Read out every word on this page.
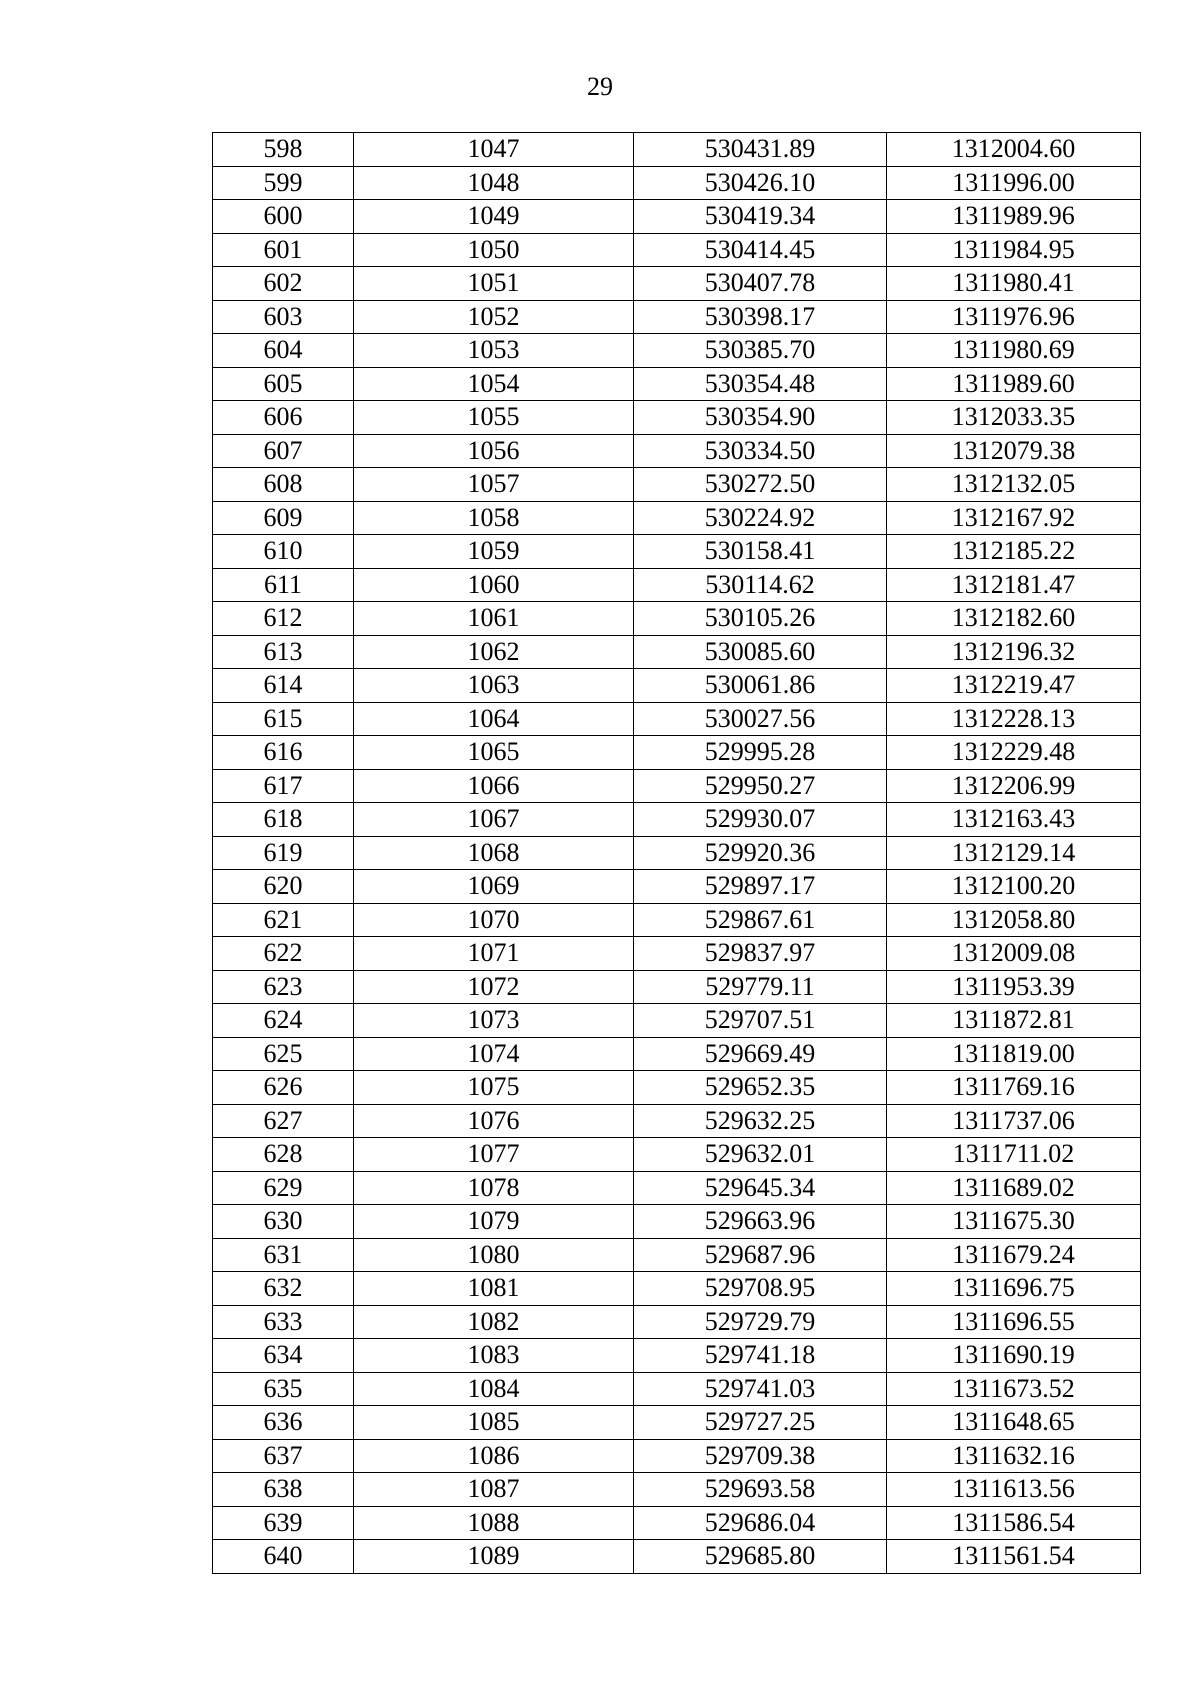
29
598	1047	530431.89	1312004.60
599	1048	530426.10	1311996.00
600	1049	530419.34	1311989.96
601	1050	530414.45	1311984.95
602	1051	530407.78	1311980.41
603	1052	530398.17	1311976.96
604	1053	530385.70	1311980.69
605	1054	530354.48	1311989.60
606	1055	530354.90	1312033.35
607	1056	530334.50	1312079.38
608	1057	530272.50	1312132.05
609	1058	530224.92	1312167.92
610	1059	530158.41	1312185.22
611	1060	530114.62	1312181.47
612	1061	530105.26	1312182.60
613	1062	530085.60	1312196.32
614	1063	530061.86	1312219.47
615	1064	530027.56	1312228.13
616	1065	529995.28	1312229.48
617	1066	529950.27	1312206.99
618	1067	529930.07	1312163.43
619	1068	529920.36	1312129.14
620	1069	529897.17	1312100.20
621	1070	529867.61	1312058.80
622	1071	529837.97	1312009.08
623	1072	529779.11	1311953.39
624	1073	529707.51	1311872.81
625	1074	529669.49	1311819.00
626	1075	529652.35	1311769.16
627	1076	529632.25	1311737.06
628	1077	529632.01	1311711.02
629	1078	529645.34	1311689.02
630	1079	529663.96	1311675.30
631	1080	529687.96	1311679.24
632	1081	529708.95	1311696.75
633	1082	529729.79	1311696.55
634	1083	529741.18	1311690.19
635	1084	529741.03	1311673.52
636	1085	529727.25	1311648.65
637	1086	529709.38	1311632.16
638	1087	529693.58	1311613.56
639	1088	529686.04	1311586.54
640	1089	529685.80	1311561.54
